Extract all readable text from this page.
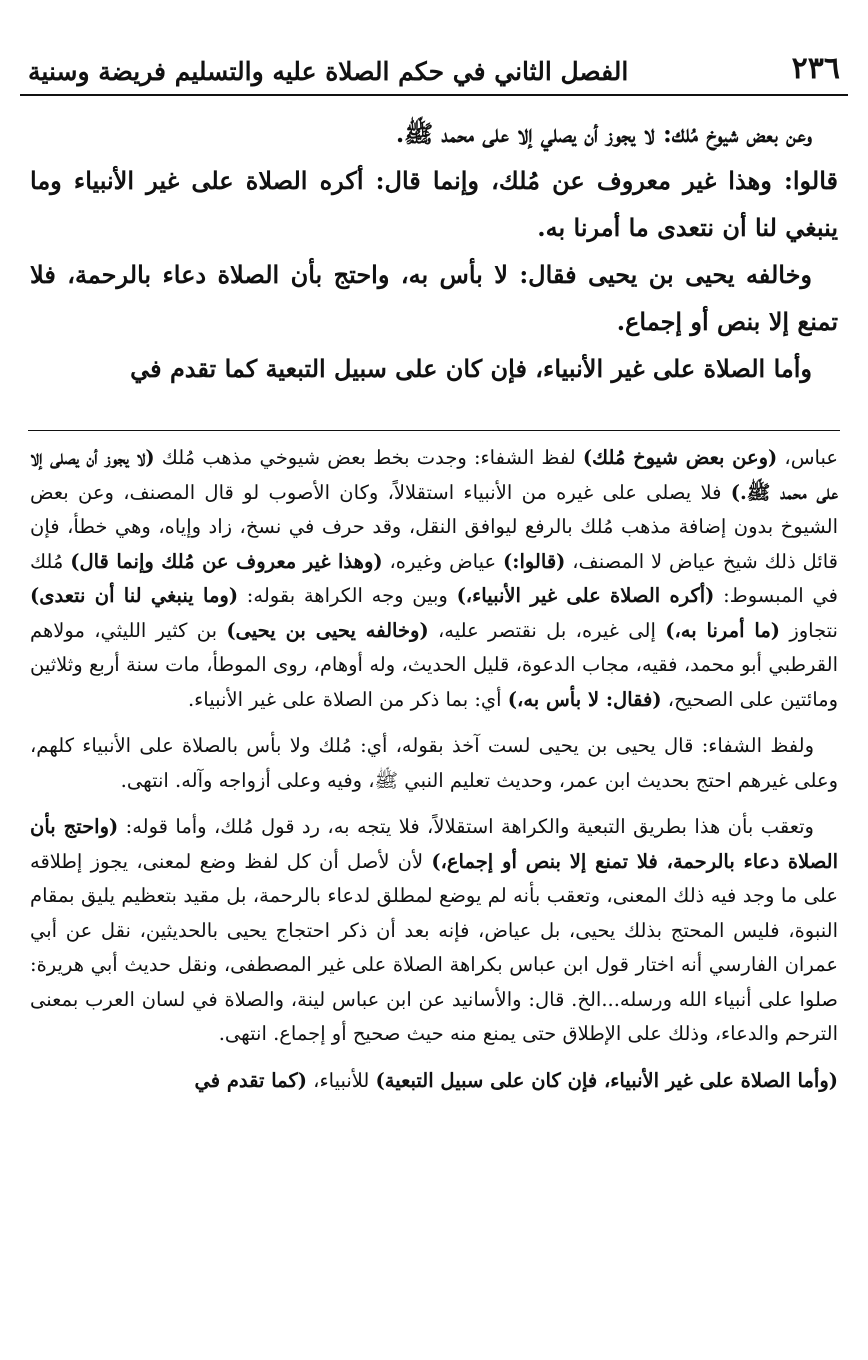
٢٣٦
الفصل الثاني في حكم الصلاة عليه والتسليم فريضة وسنية

وعن بعض شيوخ مُلك: لا يجوز أن يصلي إلا على محمد ﷺ.

قالوا: وهذا غير معروف عن مُلك، وإنما قال: أكره الصلاة على غير الأنبياء وما ينبغي لنا أن نتعدى ما أمرنا به.

وخالفه يحيى بن يحيى فقال: لا بأس به، واحتج بأن الصلاة دعاء بالرحمة، فلا تمنع إلا بنص أو إجماع.

وأما الصلاة على غير الأنبياء، فإن كان على سبيل التبعية كما تقدم في

عباس، (وعن بعض شيوخ مُلك) لفظ الشفاء: وجدت بخط بعض شيوخي مذهب مُلك (لا يجوز أن يصلى إلا على محمد ﷺ.) فلا يصلى على غيره من الأنبياء استقلالاً، وكان الأصوب لو قال المصنف، وعن بعض الشيوخ بدون إضافة مذهب مُلك بالرفع ليوافق النقل، وقد حرف في نسخ، زاد وإياه، وهي خطأ، فإن قائل ذلك شيخ عياض لا المصنف، (قالوا:) عياض وغيره، (وهذا غير معروف عن مُلك وإنما قال) مُلك في المبسوط: (أكره الصلاة على غير الأنبياء،) وبين وجه الكراهة بقوله: (وما ينبغي لنا أن نتعدى) نتجاوز (ما أمرنا به،) إلى غيره، بل نقتصر عليه، (وخالفه يحيى بن يحيى) بن كثير الليثي، مولاهم القرطبي أبو محمد، فقيه، مجاب الدعوة، قليل الحديث، وله أوهام، روى الموطأ، مات سنة أربع وثلاثين ومائتين على الصحيح، (فقال: لا بأس به،) أي: بما ذكر من الصلاة على غير الأنبياء.

ولفظ الشفاء: قال يحيى بن يحيى لست آخذ بقوله، أي: مُلك ولا بأس بالصلاة على الأنبياء كلهم، وعلى غيرهم احتج بحديث ابن عمر، وحديث تعليم النبي ﷺ، وفيه وعلى أزواجه وآله. انتهى.

وتعقب بأن هذا بطريق التبعية والكراهة استقلالاً، فلا يتجه به، رد قول مُلك، وأما قوله: (واحتج بأن الصلاة دعاء بالرحمة، فلا تمنع إلا بنص أو إجماع،) لأن لأصل أن كل لفظ وضع لمعنى، يجوز إطلاقه على ما وجد فيه ذلك المعنى، وتعقب بأنه لم يوضع لمطلق لدعاء بالرحمة، بل مقيد بتعظيم يليق بمقام النبوة، فليس المحتج بذلك يحيى، بل عياض، فإنه بعد أن ذكر احتجاج يحيى بالحديثين، نقل عن أبي عمران الفارسي أنه اختار قول ابن عباس بكراهة الصلاة على غير المصطفى، ونقل حديث أبي هريرة: صلوا على أنبياء الله ورسله...الخ. قال: والأسانيد عن ابن عباس لينة، والصلاة في لسان العرب بمعنى الترحم والدعاء، وذلك على الإطلاق حتى يمنع منه حيث صحيح أو إجماع. انتهى.

(وأما الصلاة على غير الأنبياء، فإن كان على سبيل التبعية) للأنبياء، (كما تقدم في
